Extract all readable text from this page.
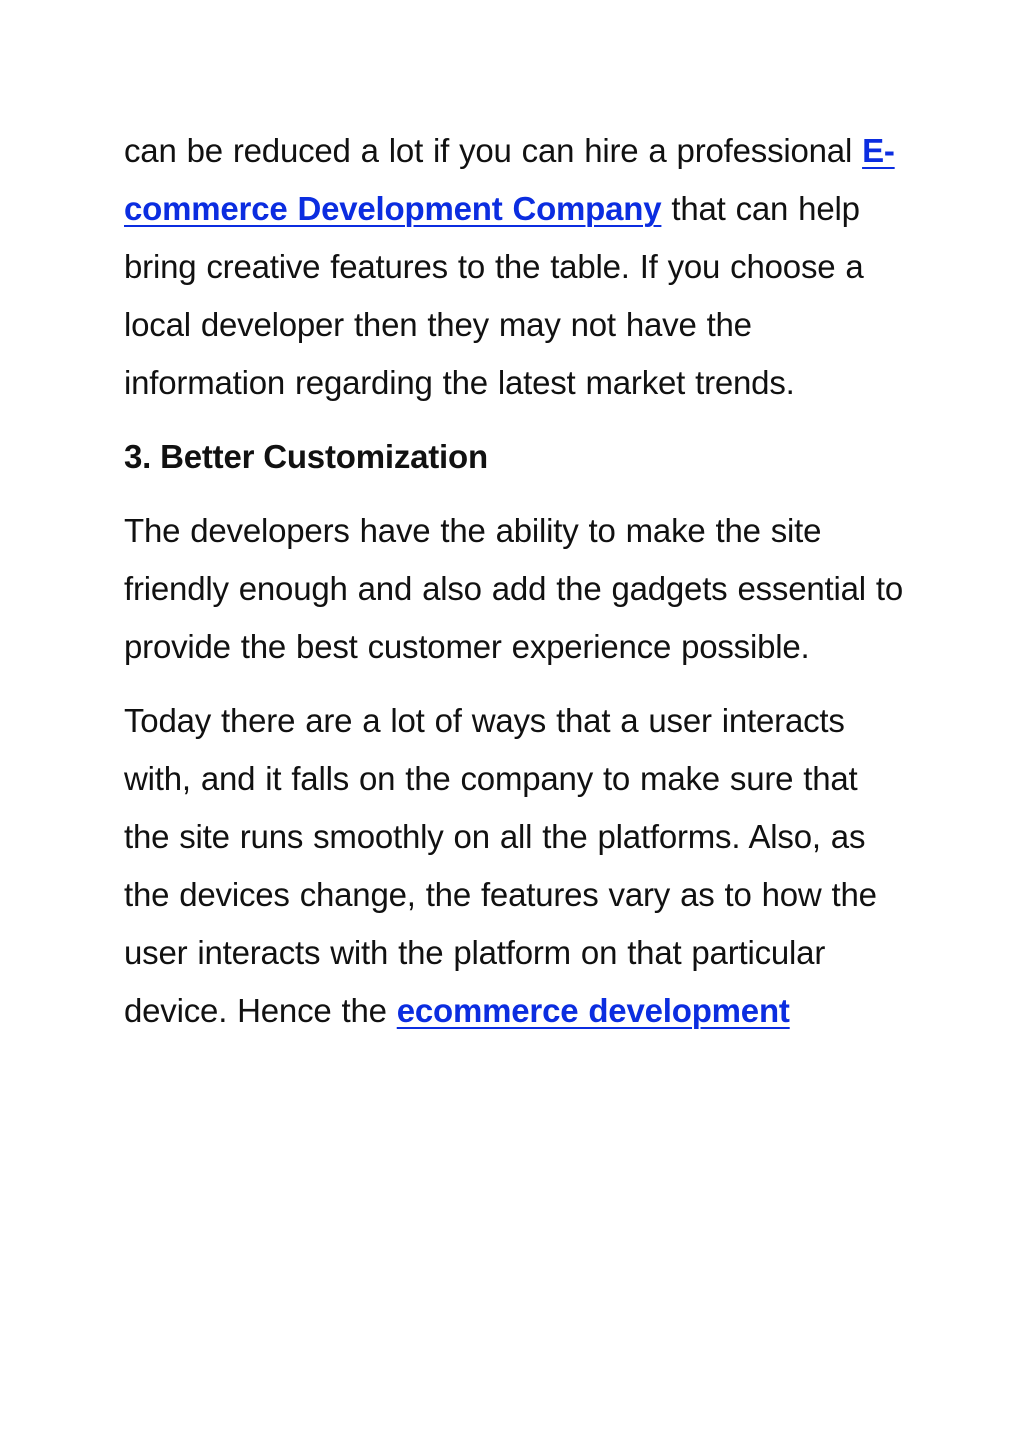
can be reduced a lot if you can hire a professional E-commerce Development Company that can help bring creative features to the table. If you choose a local developer then they may not have the information regarding the latest market trends.

3. Better Customization

The developers have the ability to make the site friendly enough and also add the gadgets essential to provide the best customer experience possible.

Today there are a lot of ways that a user interacts with, and it falls on the company to make sure that the site runs smoothly on all the platforms. Also, as the devices change, the features vary as to how the user interacts with the platform on that particular device. Hence the ecommerce development
